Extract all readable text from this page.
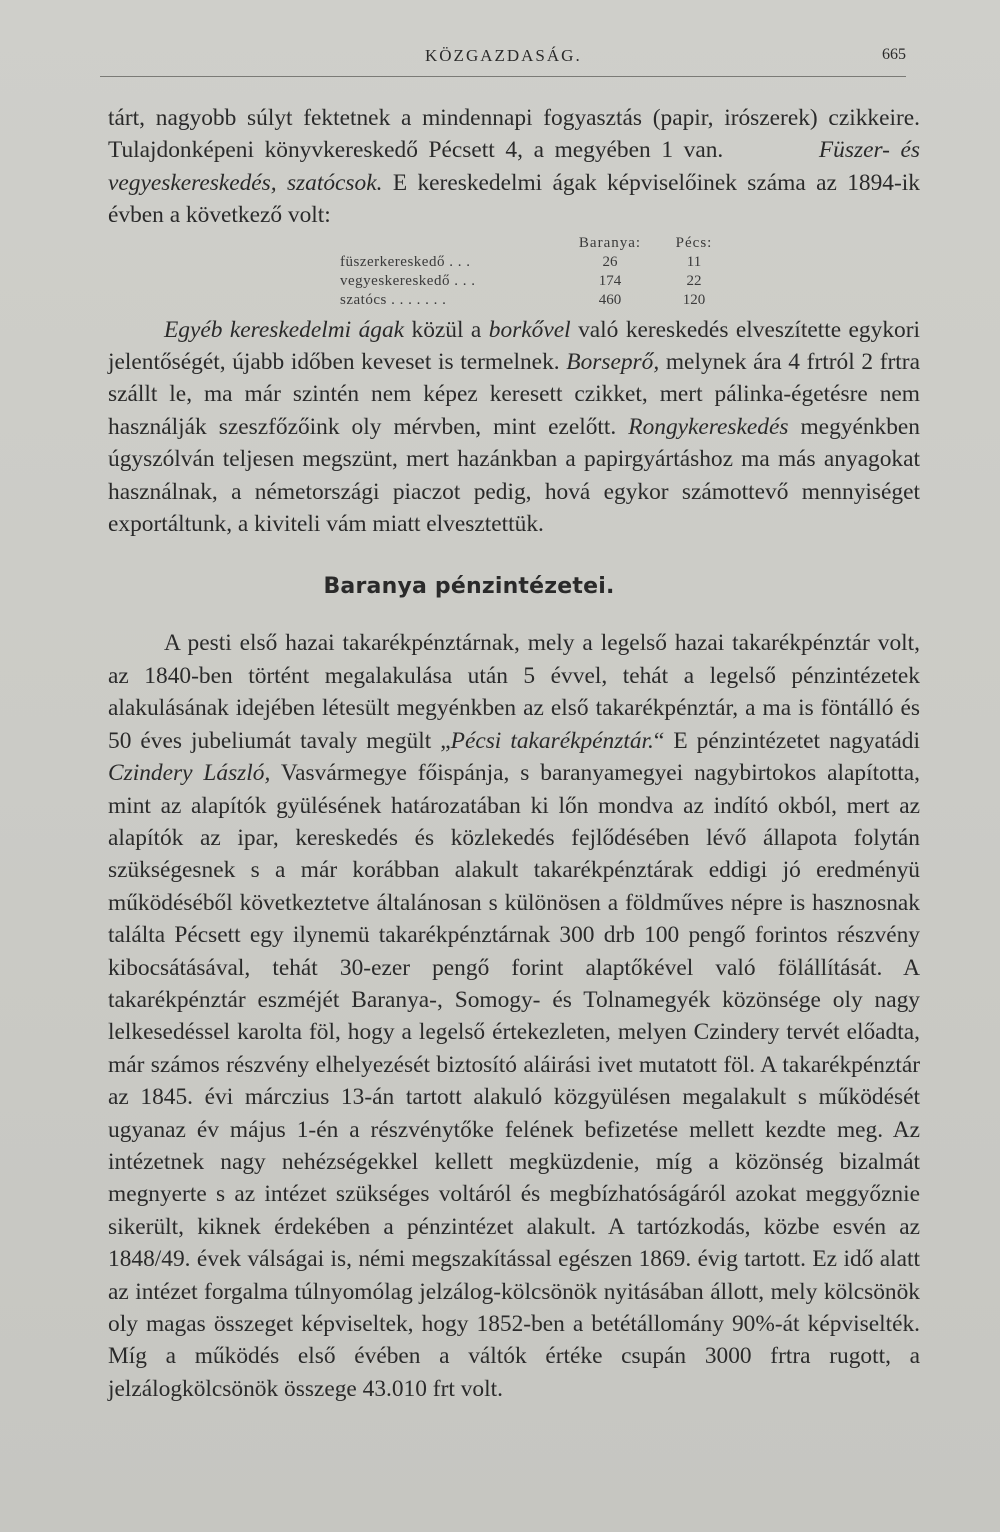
KÖZGAZDASÁG.	665

tárt, nagyobb súlyt fektetnek a mindennapi fogyasztás (papir, irószerek) czikkeire. Tulajdonképeni könyvkereskedő Pécsett 4, a megyében 1 van.	Füszer- és vegyeskereskedés, szatócsok. E kereskedelmi ágak képviselőinek száma az 1894-ik évben a következő volt:

	Baranya:	Pécs:
füszerkereskedő . . .	26	11
vegyeskereskedő . . .	174	22
szatócs . . . . . . .	460	120

Egyéb kereskedelmi ágak közül a borkővel való kereskedés elveszítette egykori jelentőségét, újabb időben keveset is termelnek. Borseprő, melynek ára 4 frtról 2 frtra szállt le, ma már szintén nem képez keresett czikket, mert pálinka-égetésre nem használják szeszfőzőink oly mérvben, mint ezelőtt. Rongykereskedés megyénkben úgyszólván teljesen megszünt, mert hazánkban a papirgyártáshoz ma más anyagokat használnak, a németországi piaczot pedig, hová egykor számottevő mennyiséget exportáltunk, a kiviteli vám miatt elvesztettük.

Baranya pénzintézetei.

A pesti első hazai takarékpénztárnak, mely a legelső hazai takarékpénztár volt, az 1840-ben történt megalakulása után 5 évvel, tehát a legelső pénzintézetek alakulásának idejében létesült megyénkben az első takarékpénztár, a ma is föntálló és 50 éves jubeliumát tavaly megült „Pécsi takarékpénztár.“ E pénzintézetet nagyatádi Czindery László, Vasvármegye főispánja, s baranyamegyei nagybirtokos alapította, mint az alapítók gyülésének határozatában ki lőn mondva az indító okból, mert az alapítók az ipar, kereskedés és közlekedés fejlődésében lévő állapota folytán szükségesnek s a már korábban alakult takarékpénztárak eddigi jó eredményü működéséből következtetve általánosan s különösen a földműves népre is hasznosnak találta Pécsett egy ilynemü takarékpénztárnak 300 drb 100 pengő forintos részvény kibocsátásával, tehát 30-ezer pengő forint alaptőkével való fölállítását. A takarékpénztár eszméjét Baranya-, Somogy- és Tolnamegyék közönsége oly nagy lelkesedéssel karolta föl, hogy a legelső értekezleten, melyen Czindery tervét előadta, már számos részvény elhelyezését biztosító aláirási ivet mutatott föl. A takarékpénztár az 1845. évi márczius 13-án tartott alakuló közgyülésen megalakult s működését ugyanaz év május 1-én a részvénytőke felének befizetése mellett kezdte meg. Az intézetnek nagy nehézségekkel kellett megküzdenie, míg a közönség bizalmát megnyerte s az intézet szükséges voltáról és megbízhatóságáról azokat meggyőznie sikerült, kiknek érdekében a pénzintézet alakult. A tartózkodás, közbe esvén az 1848/49. évek válságai is, némi megszakítással egészen 1869. évig tartott. Ez idő alatt az intézet forgalma túlnyomólag jelzálog-kölcsönök nyitásában állott, mely kölcsönök oly magas összeget képviseltek, hogy 1852-ben a betétállomány 90%-át képviselték. Míg a működés első évében a váltók értéke csupán 3000 frtra rugott, a jelzálogkölcsönök összege 43.010 frt volt.
